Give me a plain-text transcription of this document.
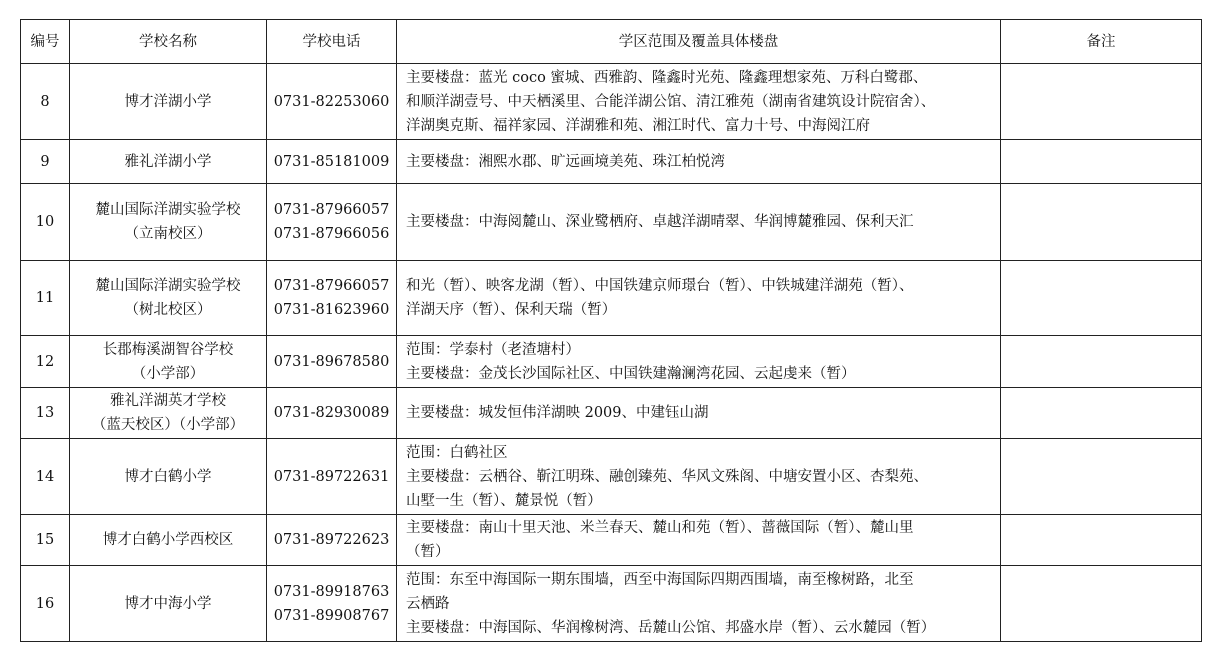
编号	学校名称	学校电话	学区范围及覆盖具体楼盘	备注
8	博才洋湖小学	0731-82253060	主要楼盘：蓝光 coco 蜜城、西雅韵、隆鑫时光苑、隆鑫理想家苑、万科白鹭郡、
和顺洋湖壹号、中天栖溪里、合能洋湖公馆、清江雅苑（湖南省建筑设计院宿舍）、
洋湖奥克斯、福祥家园、洋湖雅和苑、湘江时代、富力十号、中海阅江府	

9	雅礼洋湖小学	0731-85181009	主要楼盘：湘熙水郡、旷远画境美苑、珠江柏悦湾	

10	麓山国际洋湖实验学校
（立南校区）	0731-87966057
0731-87966056	主要楼盘：中海阅麓山、深业鹭栖府、卓越洋湖晴翠、华润博麓雅园、保利天汇	

11	麓山国际洋湖实验学校
（树北校区）	0731-87966057
0731-81623960	和光（暂）、映客龙湖（暂）、中国铁建京师璟台（暂）、中铁城建洋湖苑（暂）、
洋湖天序（暂）、保利天瑞（暂）	

12	长郡梅溪湖智谷学校
（小学部）	0731-89678580	范围：学泰村（老渣塘村）
主要楼盘：金茂长沙国际社区、中国铁建瀚澜湾花园、云起虔来（暂）	

13	雅礼洋湖英才学校
（蓝天校区）（小学部）	0731-82930089	主要楼盘：城发恒伟洋湖映 2009、中建钰山湖	

14	博才白鹤小学	0731-89722631	范围：白鹤社区
主要楼盘：云栖谷、靳江明珠、融创臻苑、华风文殊阁、中塘安置小区、杏梨苑、
山墅一生（暂）、麓景悦（暂）	

15	博才白鹤小学西校区	0731-89722623	主要楼盘：南山十里天池、米兰春天、麓山和苑（暂）、蔷薇国际（暂）、麓山里
（暂）	

16	博才中海小学	0731-89918763
0731-89908767	范围：东至中海国际一期东围墙，西至中海国际四期西围墙，南至橡树路，北至
云栖路
主要楼盘：中海国际、华润橡树湾、岳麓山公馆、邦盛水岸（暂）、云水麓园（暂）	
